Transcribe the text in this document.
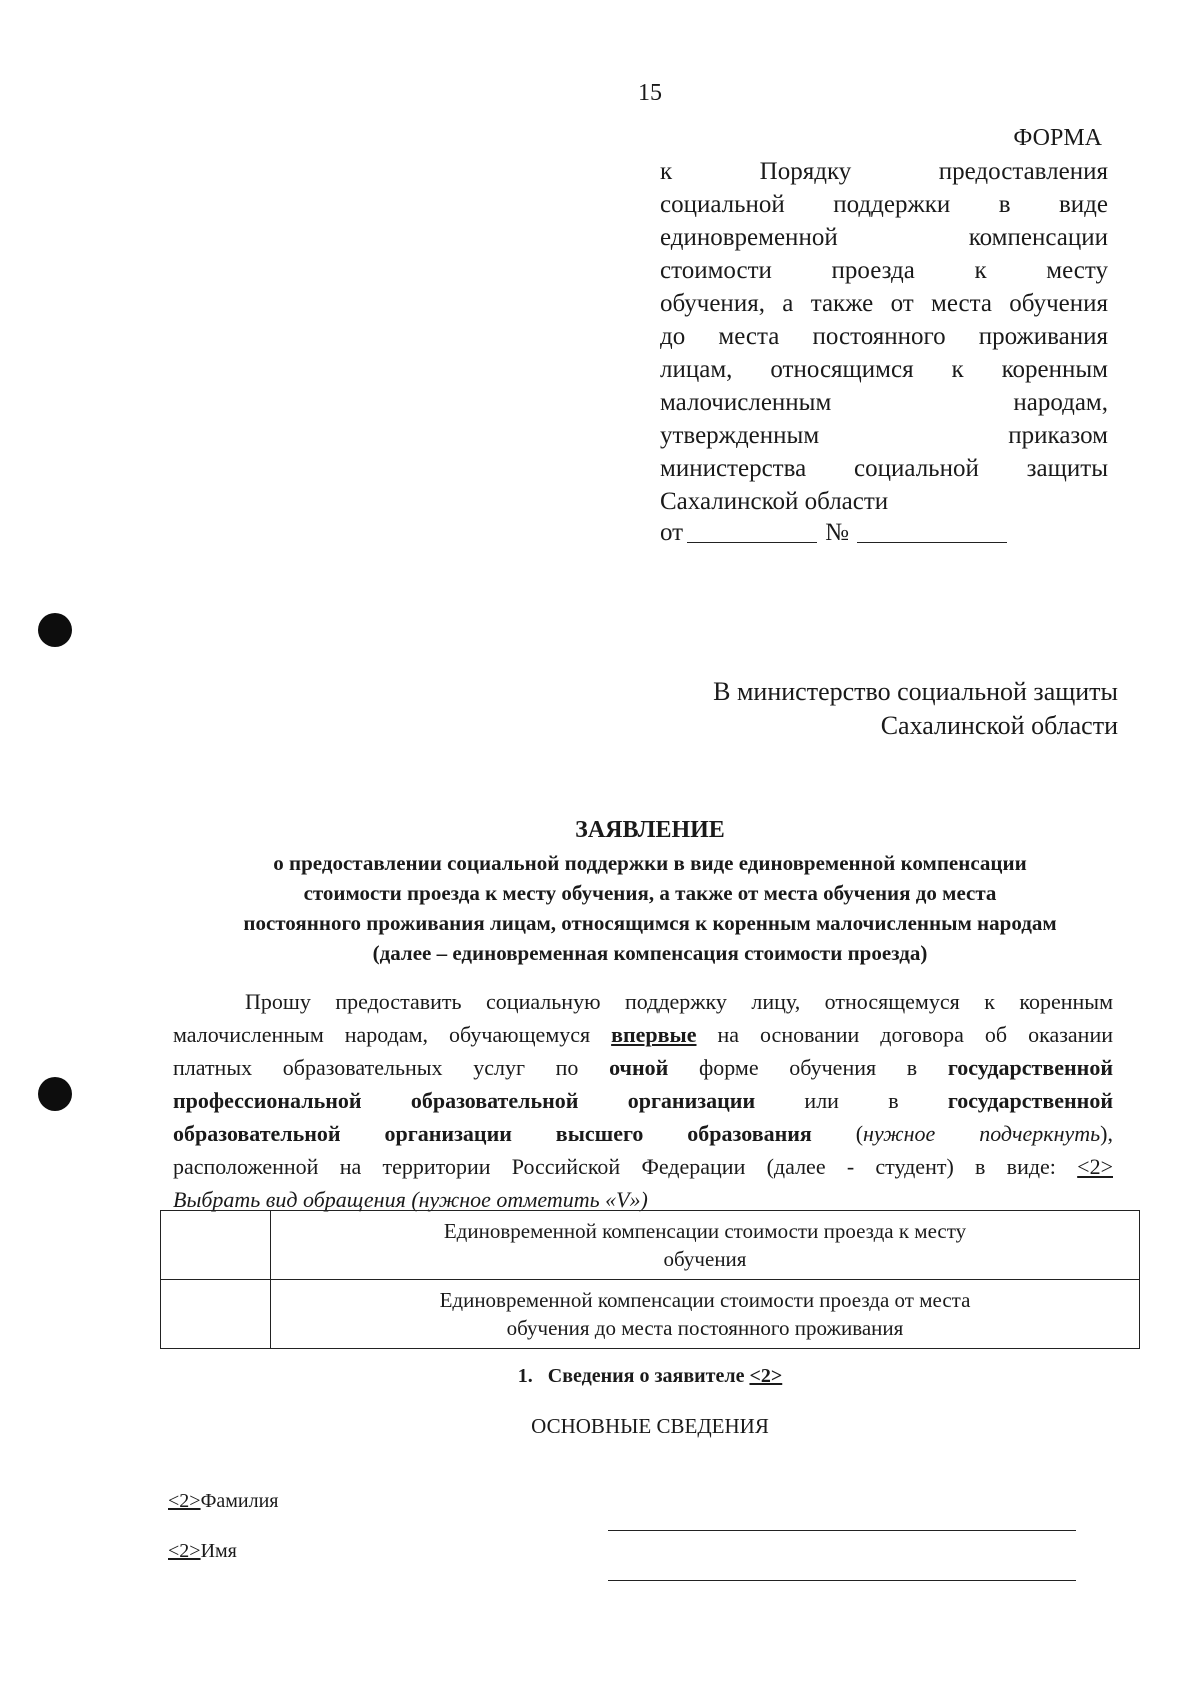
15
ФОРМА
к Порядку предоставления
социальной поддержки в виде
единовременной компенсации
стоимости проезда к месту
обучения, а также от места обучения
до места постоянного проживания
лицам, относящимся к коренным
малочисленным народам,
утвержденным приказом
министерства социальной защиты
Сахалинской области
от	№
В министерство социальной защиты
Сахалинской области
ЗАЯВЛЕНИЕ
о предоставлении социальной поддержки в виде единовременной компенсации
стоимости проезда к месту обучения, а также от места обучения до места
постоянного проживания лицам, относящимся к коренным малочисленным народам
(далее – единовременная компенсация стоимости проезда)
Прошу предоставить социальную поддержку лицу, относящемуся к коренным
малочисленным народам, обучающемуся впервые на основании договора об оказании
платных образовательных услуг по очной форме обучения в государственной
профессиональной образовательной организации или в государственной
образовательной организации высшего образования (нужное подчеркнуть),
расположенной на территории Российской Федерации (далее - студент) в виде: <2>
Выбрать вид обращения (нужное отметить «V»)

	Единовременной компенсации стоимости проезда к месту
обучения

	Единовременной компенсации стоимости проезда от места
обучения до места постоянного проживания
1. Сведения о заявителе <2>
ОСНОВНЫЕ СВЕДЕНИЯ
<2>Фамилия
<2>Имя
